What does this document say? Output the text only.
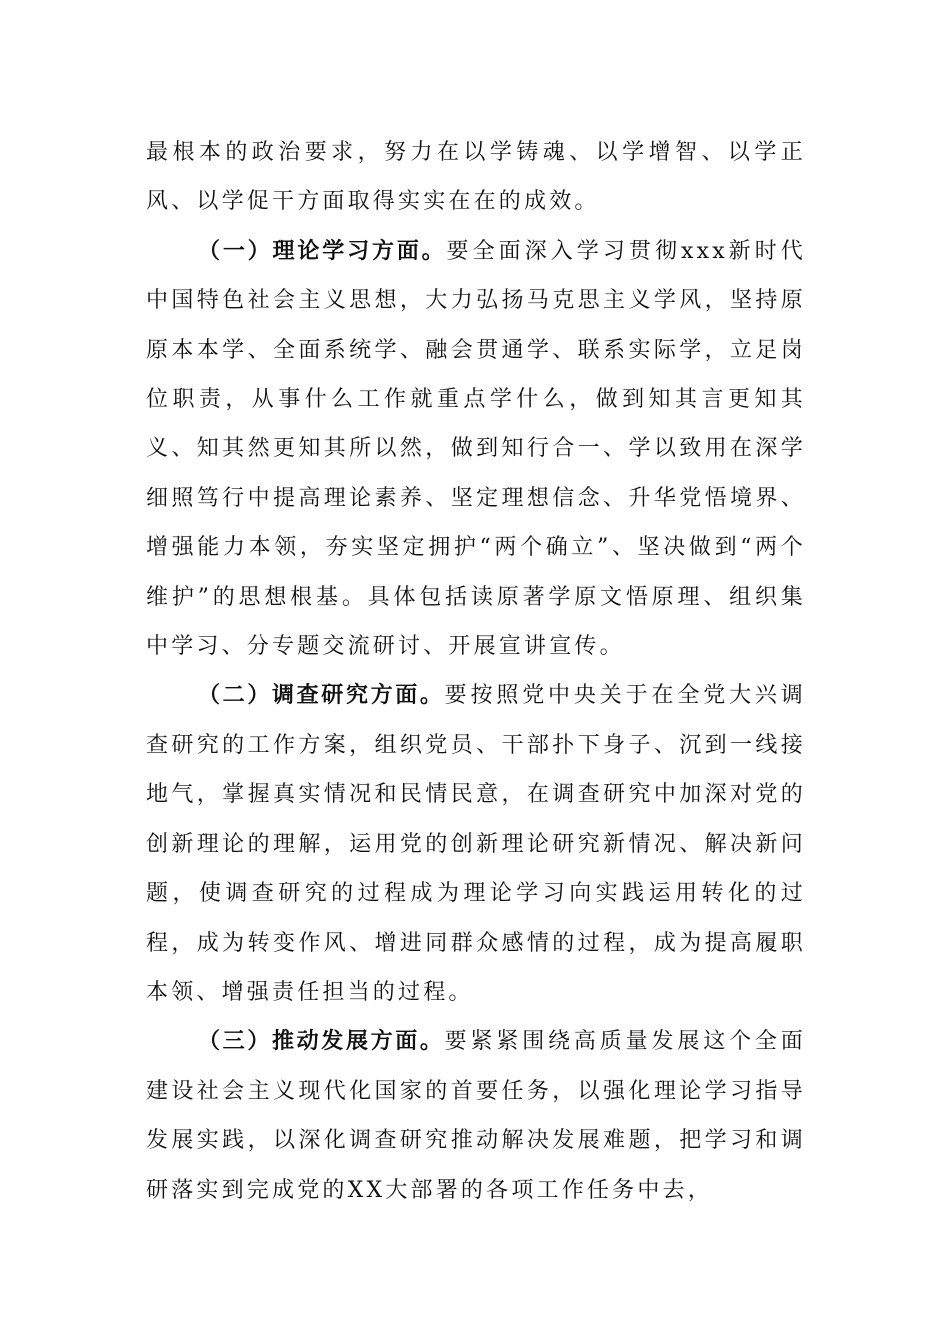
最根本的政治要求，努力在以学铸魂、以学增智、以学正风、以学促干方面取得实实在在的成效。

（一）理论学习方面。要全面深入学习贯彻xxx新时代中国特色社会主义思想，大力弘扬马克思主义学风，坚持原原本本学、全面系统学、融会贯通学、联系实际学，立足岗位职责，从事什么工作就重点学什么，做到知其言更知其义、知其然更知其所以然，做到知行合一、学以致用在深学细照笃行中提高理论素养、坚定理想信念、升华党悟境界、增强能力本领，夯实坚定拥护“两个确立”、坚决做到“两个维护”的思想根基。具体包括读原著学原文悟原理、组织集中学习、分专题交流研讨、开展宣讲宣传。

（二）调查研究方面。要按照党中央关于在全党大兴调查研究的工作方案，组织党员、干部扑下身子、沉到一线接地气，掌握真实情况和民情民意，在调查研究中加深对党的创新理论的理解，运用党的创新理论研究新情况、解决新问题，使调查研究的过程成为理论学习向实践运用转化的过程，成为转变作风、增进同群众感情的过程，成为提高履职本领、增强责任担当的过程。

（三）推动发展方面。要紧紧围绕高质量发展这个全面建设社会主义现代化国家的首要任务，以强化理论学习指导发展实践，以深化调查研究推动解决发展难题，把学习和调研落实到完成党的XX大部署的各项工作任务中去，
